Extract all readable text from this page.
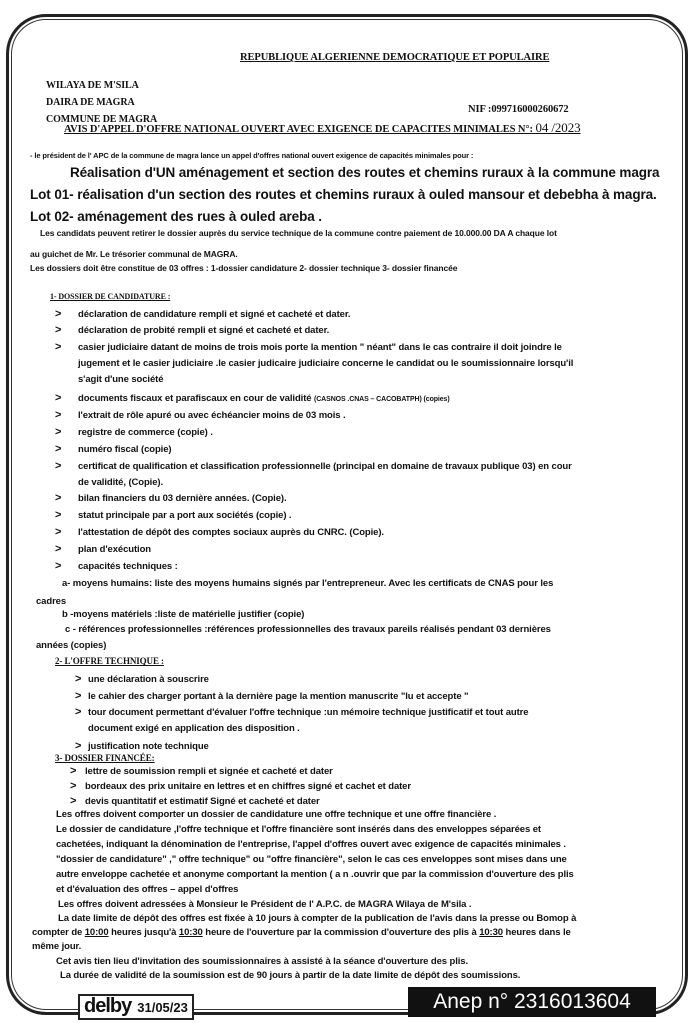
REPUBLIQUE ALGERIENNE DEMOCRATIQUE ET POPULAIRE
WILAYA DE M'SILA
DAIRA DE MAGRA
COMMUNE DE MAGRA
NIF :099716000260672
AVIS D'APPEL D'OFFRE NATIONAL OUVERT AVEC EXIGENCE DE CAPACITES MINIMALES N°: 04 /2023
- le président de l' APC de la commune de magra lance un appel d'offres national ouvert exigence de capacités minimales pour :
Réalisation d'UN aménagement et section des routes et chemins ruraux à la commune magra
Lot 01- réalisation d'un section des routes et chemins ruraux à ouled mansour et debebha à magra.
Lot 02- aménagement des rues à ouled areba .
Les candidats peuvent retirer le dossier auprès du service technique de la commune contre paiement de 10.000.00 DA A chaque lot
au guichet de Mr. Le trésorier communal de MAGRA.
Les dossiers doit être constitue de 03 offres : 1-dossier candidature 2- dossier technique 3- dossier financée
1- DOSSIER DE CANDIDATURE :
> déclaration de candidature rempli et signé et cacheté et dater.
> déclaration de probité rempli et signé et cacheté et dater.
> casier judiciaire datant de moins de trois mois porte la mention " néant" dans le cas contraire il doit joindre le
jugement et le casier judiciaire .le casier judicaire judiciaire concerne le candidat ou le soumissionnaire lorsqu'il
s'agit d'une société
> documents fiscaux et parafiscaux en cour de validité (CASNOS .CNAS – CACOBATPH) (copies)
> l'extrait de rôle apuré ou avec échéancier moins de 03 mois .
> registre de commerce (copie) .
> numéro fiscal (copie)
> certificat de qualification et classification professionnelle (principal en domaine de travaux publique 03) en cour
de validité, (Copie).
> bilan financiers du 03 dernière années. (Copie).
> statut principale par a port aux sociétés (copie) .
> l'attestation de dépôt des comptes sociaux auprès du CNRC. (Copie).
> plan d'exécution
> capacités techniques :
a- moyens humains: liste des moyens humains signés par l'entrepreneur. Avec les certificats de CNAS pour les
cadres
b -moyens matériels :liste de matérielle justifier (copie)
c - références professionnelles :références professionnelles des travaux pareils réalisés pendant 03 dernières
années (copies)
2- L'OFFRE TECHNIQUE :
> une déclaration à souscrire
> le cahier des charger portant à la dernière page la mention manuscrite "lu et accepte "
> tour document permettant d'évaluer l'offre technique :un mémoire technique justificatif et tout autre
document exigé en application des disposition .
> justification note technique
3- DOSSIER FINANCÉE:
> lettre de soumission rempli et signée et cacheté et dater
> bordeaux des prix unitaire en lettres et en chiffres signé et cachet et dater
> devis quantitatif et estimatif Signé et cacheté et dater
Les offres doivent comporter un dossier de candidature une offre technique et une offre financière .
Le dossier de candidature ,l'offre technique et l'offre financière sont insérés dans des enveloppes séparées et
cachetées, indiquant la dénomination de l'entreprise, l'appel d'offres ouvert avec exigence de capacités minimales .
"dossier de candidature" ," offre technique" ou "offre financière", selon le cas ces enveloppes sont mises dans une
autre enveloppe cachetée et anonyme comportant la mention ( a n .ouvrir que par la commission d'ouverture des plis
et d'évaluation des offres – appel d'offres
Les offres doivent adressées à Monsieur le Président de l' A.P.C. de MAGRA Wilaya de M'sila .
La date limite de dépôt des offres est fixée à 10 jours à compter de la publication de l'avis dans la presse ou Bomop à
compter de 10:00 heures jusqu'à 10:30 heure de l'ouverture par la commission d'ouverture des plis à 10:30 heures dans le
même jour.
Cet avis tien lieu d'invitation des soumissionnaires à assisté à la séance d'ouverture des plis.
La durée de validité de la soumission est de 90 jours à partir de la date limite de dépôt des soumissions.
delby 31/05/23	Anep n° 2316013604
